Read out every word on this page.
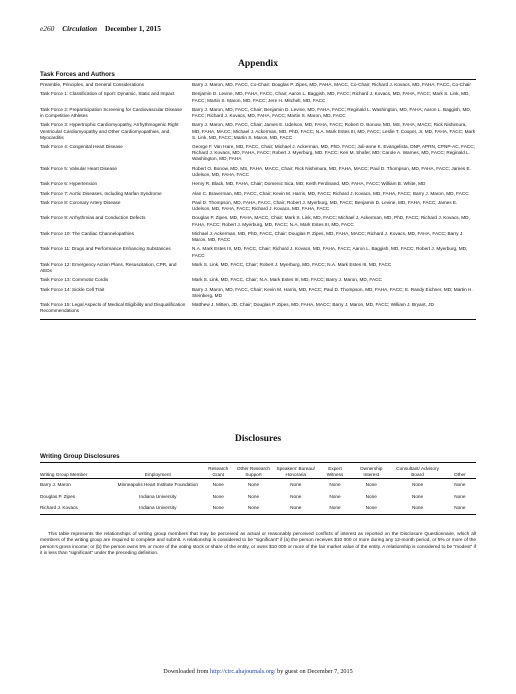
e260 Circulation December 1, 2015
Appendix
Task Forces and Authors
Preamble, Principles, and General Considerations	Barry J. Maron, MD, FACC, Co-Chair; Douglas P. Zipes, MD, FAHA, MACC, Co-Chair; Richard J. Kovacs, MD, FAHA, FACC, Co-Chair
Task Force 1: Classification of Sport: Dynamic, Static and Impact	Benjamin D. Levine, MD, FAHA, FACC, Chair; Aaron L. Baggish, MD, FACC; Richard J. Kovacs, MD, FAHA, FACC; Mark S. Link, MD, FACC; Martin S. Maron, MD, FACC; Jere H. Mitchell, MD, FACC
Task Force 2: Preparticipation Screening for Cardiovascular Disease in Competitive Athletes	Barry J. Maron, MD, FACC, Chair; Benjamin D. Levine, MD, FAHA, FACC; Reginald L. Washington, MD, FAHA; Aaron L. Baggish, MD, FACC; Richard J. Kovacs, MD, FAHA, FACC; Martin S. Maron, MD, FACC
Task Force 3: Hypertrophic Cardiomyopathy, Arrhythmogenic Right Ventricular Cardiomyopathy and Other Cardiomyopathies, and Myocarditis	Barry J. Maron, MD, FACC, Chair; James E. Udelson, MD, FAHA, FACC; Robert O. Bonow, MD, MS, FAHA, MACC; Rick Nishimura, MD, FAHA, MACC; Michael J. Ackerman, MD, PhD, FACC; N.A. Mark Estes III, MD, FACC; Leslie T. Cooper, Jr, MD, FAHA, FACC; Mark S. Link, MD, FACC; Martin S. Maron, MD, FACC
Task Force 4: Congenital Heart Disease	George F. Van Hare, MD, FACC, Chair; Michael J. Ackerman, MD, PhD, FACC; Juli-anne K. Evangelista, DNP, APRN, CPNP-AC, FACC; Richard J. Kovacs, MD, FAHA, FACC; Robert J. Myerburg, MD, FACC; Keri M. Shafer, MD; Carole A. Warnes, MD, FACC; Reginald L. Washington, MD, FAHA
Task Force 5: Valvular Heart Disease	Robert O. Bonow, MD, MS, FAHA, MACC, Chair; Rick Nishimura, MD, FAHA, MACC; Paul D. Thompson, MD, FAHA, FACC; James E. Udelson, MD, FAHA, FACC
Task Force 6: Hypertension	Henry R. Black, MD, FAHA, Chair; Domenic Sica, MD; Keith Ferdinand, MD, FAHA, FACC; William B. White, MD
Task Force 7: Aortic Diseases, Including Marfan Syndrome	Alan C. Braverman, MD, FACC, Chair; Kevin M. Harris, MD, FACC; Richard J. Kovacs, MD, FAHA, FACC; Barry J. Maron, MD, FACC
Task Force 8: Coronary Artery Disease	Paul D. Thompson, MD, FAHA, FACC, Chair; Robert J. Myerburg, MD, FACC; Benjamin D. Levine, MD, FAHA, FACC; James E. Udelson, MD, FAHA, FACC; Richard J. Kovacs, MD, FAHA, FACC
Task Force 9: Arrhythmias and Conduction Defects	Douglas P. Zipes, MD, FAHA, MACC, Chair; Mark S. Link, MD, FACC; Michael J. Ackerman, MD, PhD, FACC; Richard J. Kovacs, MD, FAHA, FACC; Robert J. Myerburg, MD, FACC; N.A. Mark Estes III, MD, FACC
Task Force 10: The Cardiac Channelopathies	Michael J. Ackerman, MD, PhD, FACC, Chair; Douglas P. Zipes, MD, FAHA, MACC; Richard J. Kovacs, MD, FAHA, FACC; Barry J. Maron, MD, FACC
Task Force 11: Drugs and Performance Enhancing Substances	N.A. Mark Estes III, MD, FACC, Chair; Richard J. Kovacs, MD, FAHA, FACC; Aaron L. Baggish, MD, FACC; Robert J. Myerburg, MD, FACC
Task Force 12: Emergency Action Plans, Resuscitation, CPR, and AEDs	Mark S. Link, MD, FACC, Chair; Robert J. Myerburg, MD, FACC; N.A. Mark Estes III, MD, FACC
Task Force 13: Commotio Cordis	Mark S. Link, MD, FACC, Chair; N.A. Mark Estes III, MD, FACC; Barry J. Maron, MD, FACC
Task Force 14: Sickle Cell Trait	Barry J. Maron, MD, FACC, Chair; Kevin M. Harris, MD, FACC; Paul D. Thompson, MD, FAHA, FACC; E. Randy Eichner, MD; Martin H. Steinberg, MD
Task Force 15: Legal Aspects of Medical Eligibility and Disqualification Recommendations	Matthew J. Mitten, JD, Chair; Douglas P. Zipes, MD, FAHA, MACC; Barry J. Maron, MD, FACC; William J. Bryant, JD
Disclosures
Writing Group Disclosures
Writing Group Member	Employment	Research Grant	Other Research Support	Speakers' Bureau/ Honoraria	Expert Witness	Ownership Interest	Consultant/ Advisory Board	Other
Barry J. Maron	Minneapolis Heart Institute Foundation	None	None	None	None	None	None	None
Douglas P. Zipes	Indiana University	None	None	None	None	None	None	None
Richard J. Kovacs	Indiana University	None	None	None	None	None	None	None
This table represents the relationships of writing group members that may be perceived as actual or reasonably perceived conflicts of interest as reported on the Disclosure Questionnaire, which all members of the writing group are required to complete and submit. A relationship is considered to be “significant” if (a) the person receives $10 000 or more during any 12-month period, or 5% or more of the person’s gross income; or (b) the person owns 5% or more of the voting stock or share of the entity, or owns $10 000 or more of the fair market value of the entity. A relationship is considered to be “modest” if it is less than “significant” under the preceding definition.
Downloaded from http://circ.ahajournals.org/ by guest on December 7, 2015
